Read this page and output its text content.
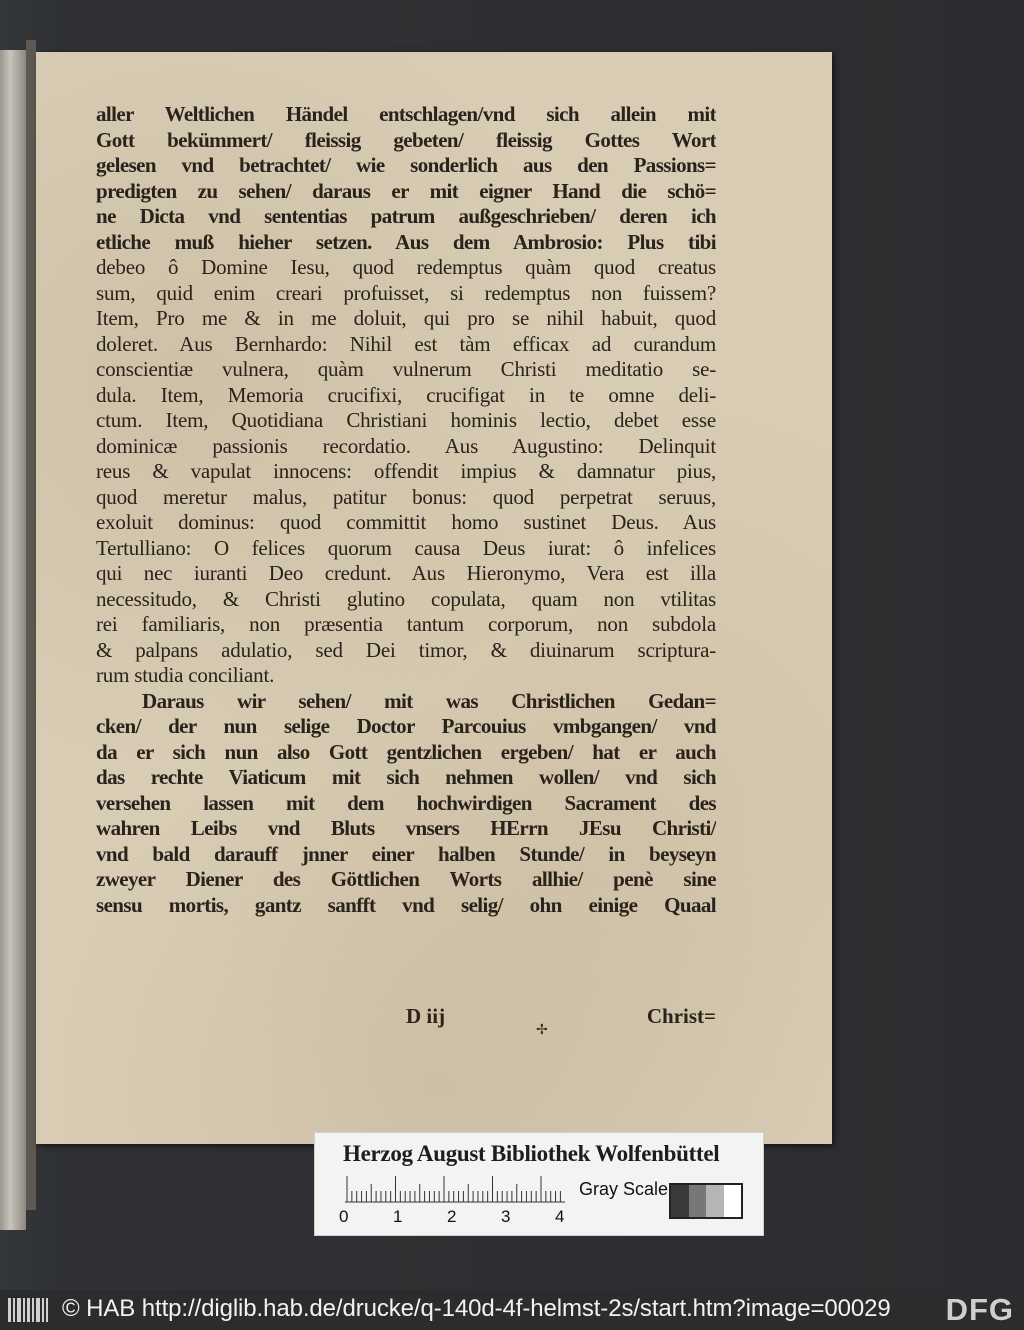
aller Weltlichen Händel entschlagen/vnd sich allein mit
Gott bekümmert/ fleissig gebeten/ fleissig Gottes Wort
gelesen vnd betrachtet/ wie sonderlich aus den Passions=
predigten zu sehen/ daraus er mit eigner Hand die schö=
ne Dicta vnd sententias patrum außgeschrieben/ deren ich
etliche muß hieher setzen. Aus dem Ambrosio: Plus tibi
debeo ô Domine Iesu, quod redemptus quàm quod creatus
sum, quid enim creari profuisset, si redemptus non fuissem?
Item, Pro me & in me doluit, qui pro se nihil habuit, quod
doleret. Aus Bernhardo: Nihil est tàm efficax ad curandum
conscientiæ vulnera, quàm vulnerum Christi meditatio se-
dula. Item, Memoria crucifixi, crucifigat in te omne deli-
ctum. Item, Quotidiana Christiani hominis lectio, debet esse
dominicæ passionis recordatio. Aus Augustino: Delinquit
reus & vapulat innocens: offendit impius & damnatur pius,
quod meretur malus, patitur bonus: quod perpetrat seruus,
exoluit dominus: quod committit homo sustinet Deus. Aus
Tertulliano: O felices quorum causa Deus iurat: ô infelices
qui nec iuranti Deo credunt. Aus Hieronymo, Vera est illa
necessitudo, & Christi glutino copulata, quam non vtilitas
rei familiaris, non præsentia tantum corporum, non subdola
& palpans adulatio, sed Dei timor, & diuinarum scriptura-
rum studia conciliant.
Daraus wir sehen/ mit was Christlichen Gedan=
cken/ der nun selige Doctor Parcouius vmbgangen/ vnd
da er sich nun also Gott gentzlichen ergeben/ hat er auch
das rechte Viaticum mit sich nehmen wollen/ vnd sich
versehen lassen mit dem hochwirdigen Sacrament des
wahren Leibs vnd Bluts vnsers HErrn JEsu Christi/
vnd bald darauff jnner einer halben Stunde/ in beyseyn
zweyer Diener des Göttlichen Worts allhie/ penè sine
sensu mortis, gantz sanfft vnd selig/ ohn einige Quaal
D iij	Christ=
✢
Herzog August Bibliothek Wolfenbüttel
0	1	2	3	4
Gray Scale
© HAB http://diglib.hab.de/drucke/q-140d-4f-helmst-2s/start.htm?image=00029 DFG
